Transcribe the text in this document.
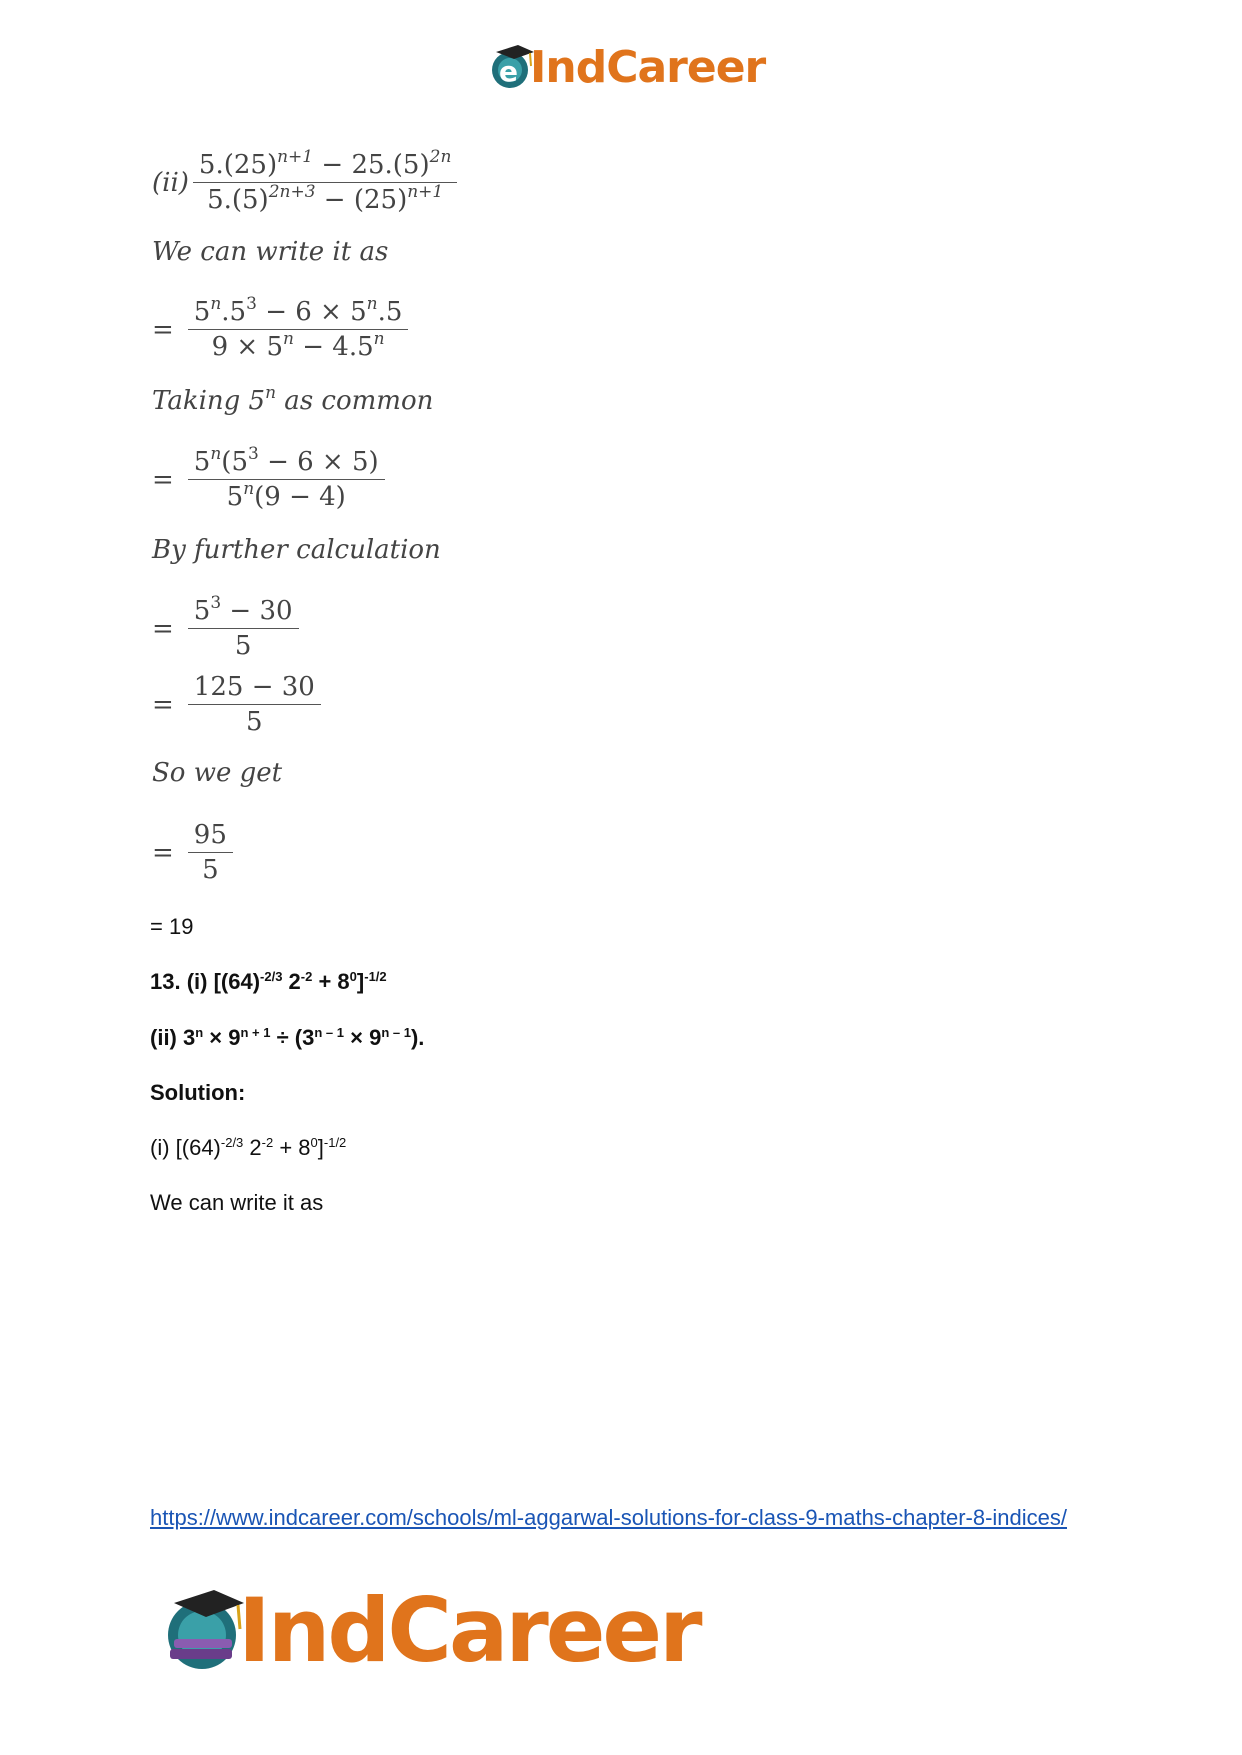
e IndCareer
$(ii) \frac{5.(25)^{n+1} - 25.(5)^{2n}}{5.(5)^{2n+3} - (25)^{n+1}}$
We can write it as
= $\frac{5^n.5^3 - 6 \times 5^n.5}{9 \times 5^n - 4.5^n}$
Taking 5$^n$ as common
= $\frac{5^n(5^3 - 6 \times 5)}{5^n(9 - 4)}$
By further calculation
= $\frac{5^3 - 30}{5}$
= $\frac{125 - 30}{5}$
So we get
= $\frac{95}{5}$
= 19
13. (i) [$(64)^{-2/3}$ $2^{-2} + 8^0]^{-1/2}$
(ii) $3^n \times 9^{n + 1} \div (3^{n - 1} \times 9^{n - 1})$.
Solution:
(i) [$(64)^{-2/3}$ $2^{-2} + 8^0]^{-1/2}$
We can write it as
https://www.indcareer.com/schools/ml-aggarwal-solutions-for-class-9-maths-chapter-8-indices/
IndCareer
